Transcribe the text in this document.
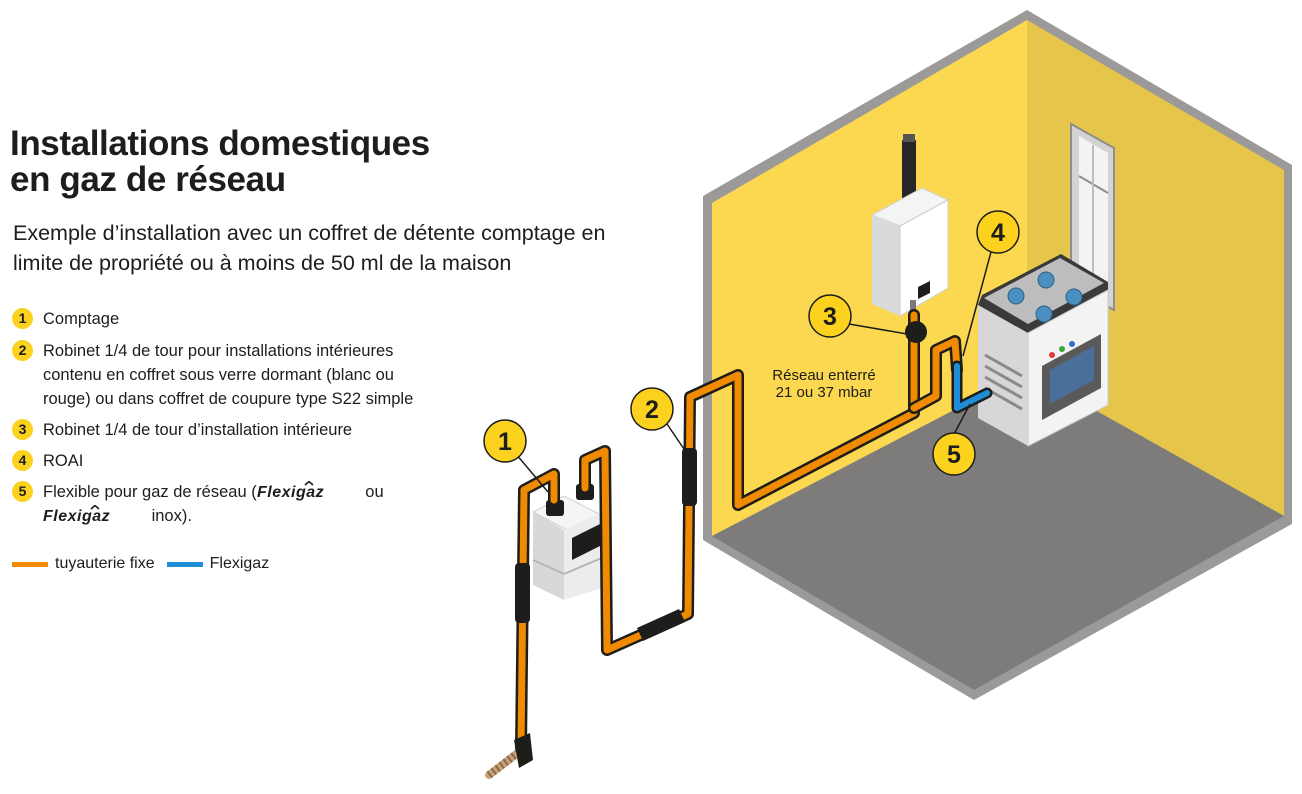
Installations domestiques
en gaz de réseau

Exemple d’installation avec un coffret de détente comptage en
limite de propriété ou à moins de 50 ml de la maison

1	Comptage
2	Robinet 1/4 de tour pour installations intérieures
contenu en coffret sous verre dormant (blanc ou
rouge) ou dans coffret de coupure type S22 simple
3	Robinet 1/4 de tour d’installation intérieure
4	ROAI
5	Flexible pour gaz de réseau ( Flexigaz ou
Flexigaz inox).
tuyauterie fixe	Flexigaz
1
2
3
4
5
Réseau enterré
21 ou 37 mbar
